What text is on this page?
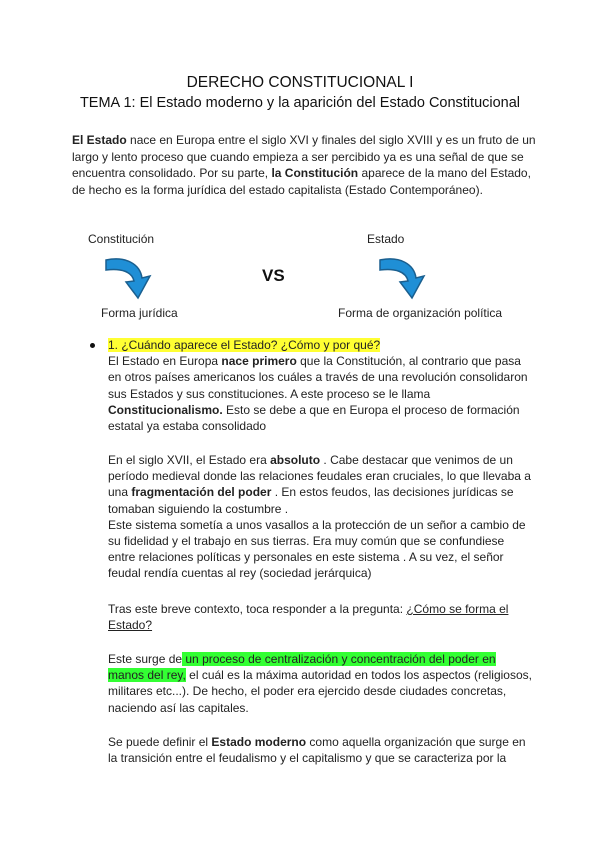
DERECHO CONSTITUCIONAL I
TEMA 1: El Estado moderno y la aparición del Estado Constitucional
El Estado nace en Europa entre el siglo XVI y finales del siglo XVIII y es un fruto de un largo y lento proceso que cuando empieza a ser percibido ya es una señal de que se encuentra consolidado. Por su parte, la Constitución aparece de la mano del Estado, de hecho es la forma jurídica del estado capitalista (Estado Contemporáneo).
Constitución	Estado
VS
Forma jurídica	Forma de organización política
1. ¿Cuándo aparece el Estado? ¿Cómo y por qué?
El Estado en Europa nace primero que la Constitución, al contrario que pasa en otros países americanos los cuáles a través de una revolución consolidaron sus Estados y sus constituciones. A este proceso se le llama Constitucionalismo. Esto se debe a que en Europa el proceso de formación estatal ya estaba consolidado
En el siglo XVII, el Estado era absoluto . Cabe destacar que venimos de un período medieval donde las relaciones feudales eran cruciales, lo que llevaba a una fragmentación del poder . En estos feudos, las decisiones jurídicas se tomaban siguiendo la costumbre .
Este sistema sometía a unos vasallos a la protección de un señor a cambio de su fidelidad y el trabajo en sus tierras. Era muy común que se confundiese entre relaciones políticas y personales en este sistema . A su vez, el señor feudal rendía cuentas al rey (sociedad jerárquica)
Tras este breve contexto, toca responder a la pregunta: ¿Cómo se forma el Estado?
Este surge de un proceso de centralización y concentración del poder en manos del rey, el cuál es la máxima autoridad en todos los aspectos (religiosos, militares etc...). De hecho, el poder era ejercido desde ciudades concretas, naciendo así las capitales.
Se puede definir el Estado moderno como aquella organización que surge en la transición entre el feudalismo y el capitalismo y que se caracteriza por la
